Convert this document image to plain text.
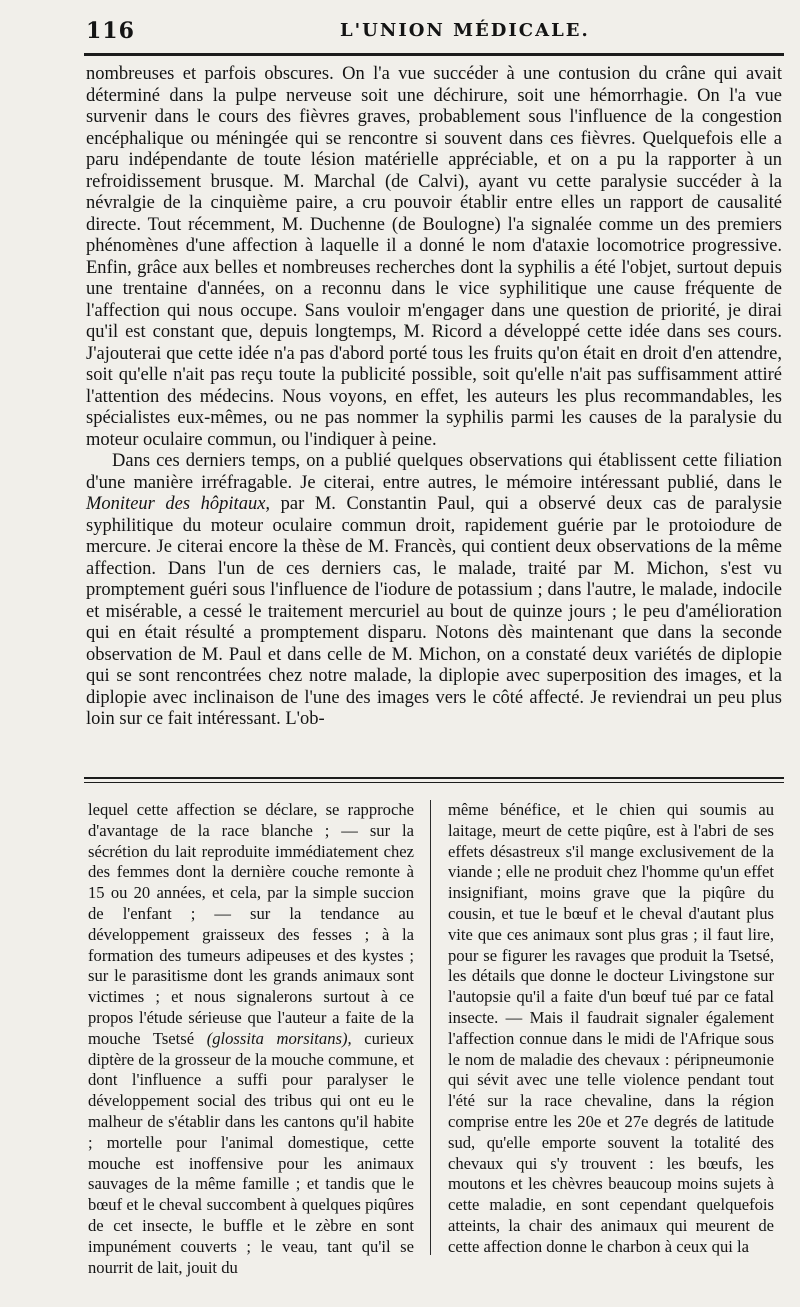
116	L'UNION MÉDICALE.

nombreuses et parfois obscures. On l'a vue succéder à une contusion du crâne qui avait déterminé dans la pulpe nerveuse soit une déchirure, soit une hémorrhagie. On l'a vue survenir dans le cours des fièvres graves, probablement sous l'influence de la congestion encéphalique ou méningée qui se rencontre si souvent dans ces fièvres. Quelquefois elle a paru indépendante de toute lésion matérielle appréciable, et on a pu la rapporter à un refroidissement brusque. M. Marchal (de Calvi), ayant vu cette paralysie succéder à la névralgie de la cinquième paire, a cru pouvoir établir entre elles un rapport de causalité directe. Tout récemment, M. Duchenne (de Boulogne) l'a signalée comme un des premiers phénomènes d'une affection à laquelle il a donné le nom d'ataxie locomotrice progressive. Enfin, grâce aux belles et nombreuses recherches dont la syphilis a été l'objet, surtout depuis une trentaine d'années, on a reconnu dans le vice syphilitique une cause fréquente de l'affection qui nous occupe. Sans vouloir m'engager dans une question de priorité, je dirai qu'il est constant que, depuis longtemps, M. Ricord a développé cette idée dans ses cours. J'ajouterai que cette idée n'a pas d'abord porté tous les fruits qu'on était en droit d'en attendre, soit qu'elle n'ait pas reçu toute la publicité possible, soit qu'elle n'ait pas suffisamment attiré l'attention des médecins. Nous voyons, en effet, les auteurs les plus recommandables, les spécialistes eux-mêmes, ou ne pas nommer la syphilis parmi les causes de la paralysie du moteur oculaire commun, ou l'indiquer à peine.

Dans ces derniers temps, on a publié quelques observations qui établissent cette filiation d'une manière irréfragable. Je citerai, entre autres, le mémoire intéressant publié, dans le Moniteur des hôpitaux, par M. Constantin Paul, qui a observé deux cas de paralysie syphilitique du moteur oculaire commun droit, rapidement guérie par le protoiodure de mercure. Je citerai encore la thèse de M. Francès, qui contient deux observations de la même affection. Dans l'un de ces derniers cas, le malade, traité par M. Michon, s'est vu promptement guéri sous l'influence de l'iodure de potassium ; dans l'autre, le malade, indocile et misérable, a cessé le traitement mercuriel au bout de quinze jours ; le peu d'amélioration qui en était résulté a promptement disparu. Notons dès maintenant que dans la seconde observation de M. Paul et dans celle de M. Michon, on a constaté deux variétés de diplopie qui se sont rencontrées chez notre malade, la diplopie avec superposition des images, et la diplopie avec inclinaison de l'une des images vers le côté affecté. Je reviendrai un peu plus loin sur ce fait intéressant. L'ob-

lequel cette affection se déclare, se rapproche d'avantage de la race blanche ; — sur la sécrétion du lait reproduite immédiatement chez des femmes dont la dernière couche remonte à 15 ou 20 années, et cela, par la simple succion de l'enfant ; — sur la tendance au développement graisseux des fesses ; à la formation des tumeurs adipeuses et des kystes ; sur le parasitisme dont les grands animaux sont victimes ; et nous signalerons surtout à ce propos l'étude sérieuse que l'auteur a faite de la mouche Tsetsé (glossita morsitans), curieux diptère de la grosseur de la mouche commune, et dont l'influence a suffi pour paralyser le développement social des tribus qui ont eu le malheur de s'établir dans les cantons qu'il habite ; mortelle pour l'animal domestique, cette mouche est inoffensive pour les animaux sauvages de la même famille ; et tandis que le bœuf et le cheval succombent à quelques piqûres de cet insecte, le buffle et le zèbre en sont impunément couverts ; le veau, tant qu'il se nourrit de lait, jouit du

même bénéfice, et le chien qui soumis au laitage, meurt de cette piqûre, est à l'abri de ses effets désastreux s'il mange exclusivement de la viande ; elle ne produit chez l'homme qu'un effet insignifiant, moins grave que la piqûre du cousin, et tue le bœuf et le cheval d'autant plus vite que ces animaux sont plus gras ; il faut lire, pour se figurer les ravages que produit la Tsetsé, les détails que donne le docteur Livingstone sur l'autopsie qu'il a faite d'un bœuf tué par ce fatal insecte. — Mais il faudrait signaler également l'affection connue dans le midi de l'Afrique sous le nom de maladie des chevaux : péripneumonie qui sévit avec une telle violence pendant tout l'été sur la race chevaline, dans la région comprise entre les 20e et 27e degrés de latitude sud, qu'elle emporte souvent la totalité des chevaux qui s'y trouvent : les bœufs, les moutons et les chèvres beaucoup moins sujets à cette maladie, en sont cependant quelquefois atteints, la chair des animaux qui meurent de cette affection donne le charbon à ceux qui la
